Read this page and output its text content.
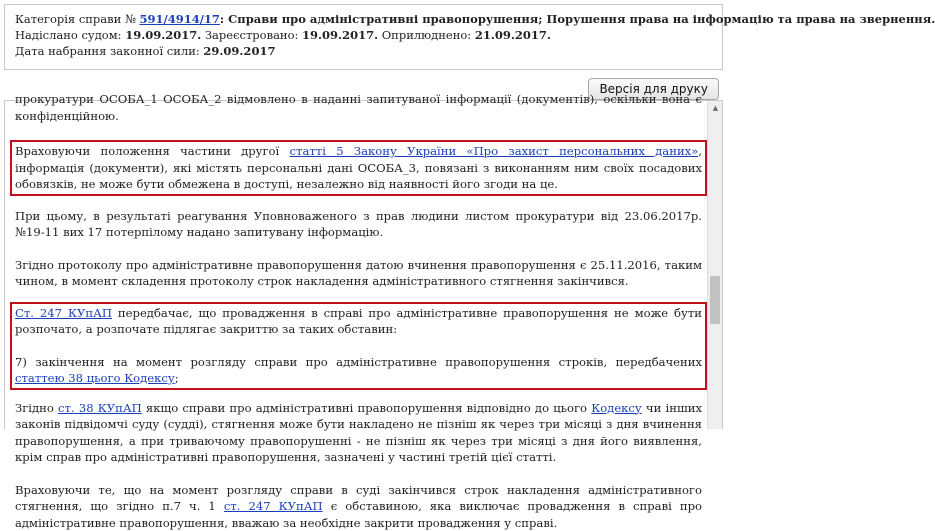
Категорія справи № 591/4914/17: Справи про адміністративні правопорушення; Порушення права на інформацію та права на звернення.
Надіслано судом: 19.09.2017. Зареєстровано: 19.09.2017. Оприлюднено: 21.09.2017.
Дата набрання законної сили: 29.09.2017
Версія для друку

прокуратури ОСОБА_1 ОСОБА_2 відмовлено в наданні запитуваної інформації (документів), оскільки вона є конфіденційною.

Враховуючи положення частини другої статті 5 Закону України «Про захист персональних даних», інформація (документи), які містять персональні дані ОСОБА_3, повязані з виконанням ним своїх посадових обовязків, не може бути обмежена в доступі, незалежно від наявності його згоди на це.

При цьому, в результаті реагування Уповноваженого з прав людини листом прокуратури від 23.06.2017р. №19-11 вих 17 потерпілому надано запитувану інформацію.

Згідно протоколу про адміністративне правопорушення датою вчинення правопорушення є 25.11.2016, таким чином, в момент складення протоколу строк накладення адміністративного стягнення закінчився.

Ст. 247 КУпАП передбачає, що провадження в справі про адміністративне правопорушення не може бути розпочато, а розпочате підлягає закриттю за таких обставин:

7) закінчення на момент розгляду справи про адміністративне правопорушення строків, передбачених статтею 38 цього Кодексу;

Згідно ст. 38 КУпАП якщо справи про адміністративні правопорушення відповідно до цього Кодексу чи інших законів підвідомчі суду (судді), стягнення може бути накладено не пізніш як через три місяці з дня вчинення правопорушення, а при триваючому правопорушенні - не пізніш як через три місяці з дня його виявлення, крім справ про адміністративні правопорушення, зазначені у частині третій цієї статті.

Враховуючи те, що на момент розгляду справи в суді закінчився строк накладення адміністративного стягнення, що згідно п.7 ч. 1 ст. 247 КУпАП є обставиною, яка виключає провадження в справі про адміністративне правопорушення, вважаю за необхідне закрити провадження у справі.

▲
